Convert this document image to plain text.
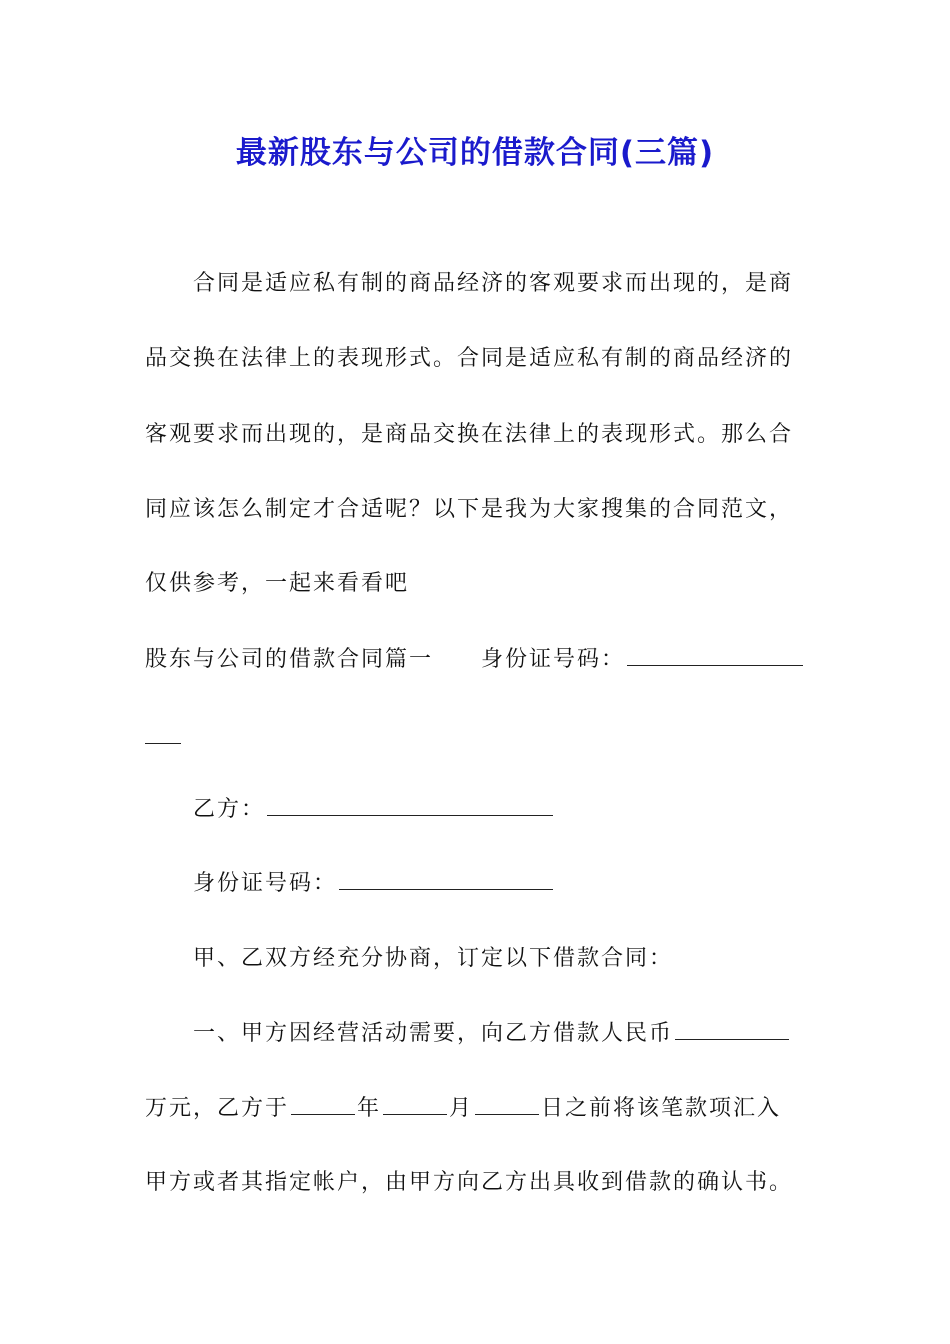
最新股东与公司的借款合同(三篇)
合同是适应私有制的商品经济的客观要求而出现的，是商
品交换在法律上的表现形式。合同是适应私有制的商品经济的
客观要求而出现的，是商品交换在法律上的表现形式。那么合
同应该怎么制定才合适呢？以下是我为大家搜集的合同范文，
仅供参考，一起来看看吧
股东与公司的借款合同篇一 身份证号码：
乙方：
身份证号码：
甲、乙双方经充分协商，订定以下借款合同：
一、甲方因经营活动需要，向乙方借款人民币
万元，乙方于	年	月	日之前将该笔款项汇入
甲方或者其指定帐户，由甲方向乙方出具收到借款的确认书。
